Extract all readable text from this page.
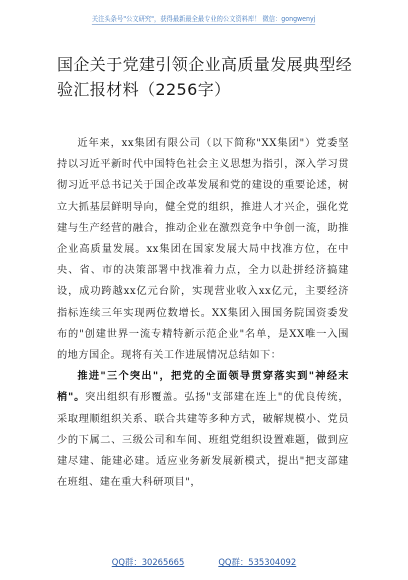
关注头条号"公文研究"，获得最新最全最专业的公文资料库！ 微信：gongwenyj
国企关于党建引领企业高质量发展典型经验汇报材料（2256字）

近年来，xx集团有限公司（以下简称"XX集团"）党委坚持以习近平新时代中国特色社会主义思想为指引，深入学习贯彻习近平总书记关于国企改革发展和党的建设的重要论述，树立大抓基层鲜明导向，健全党的组织，推进人才兴企，强化党建与生产经营的融合，推动企业在激烈竞争中争创一流，助推企业高质量发展。xx集团在国家发展大局中找准方位，在中央、省、市的决策部署中找准着力点，全力以赴拼经济搞建设，成功跨越xx亿元台阶，实现营业收入xx亿元，主要经济指标连续三年实现两位数增长。XX集团入围国务院国资委发布的"创建世界一流专精特新示范企业"名单，是XX唯一入围的地方国企。现将有关工作进展情况总结如下：

推进"三个突出"，把党的全面领导贯穿落实到"神经末梢"。突出组织有形覆盖。弘扬"支部建在连上"的优良传统，采取理顺组织关系、联合共建等多种方式，破解规模小、党员少的下属二、三级公司和车间、班组党组织设置难题，做到应建尽建、能建必建。适应业务新发展新模式，提出"把支部建在班组、建在重大科研项目"，

QQ群：30265665	QQ群：535304092
